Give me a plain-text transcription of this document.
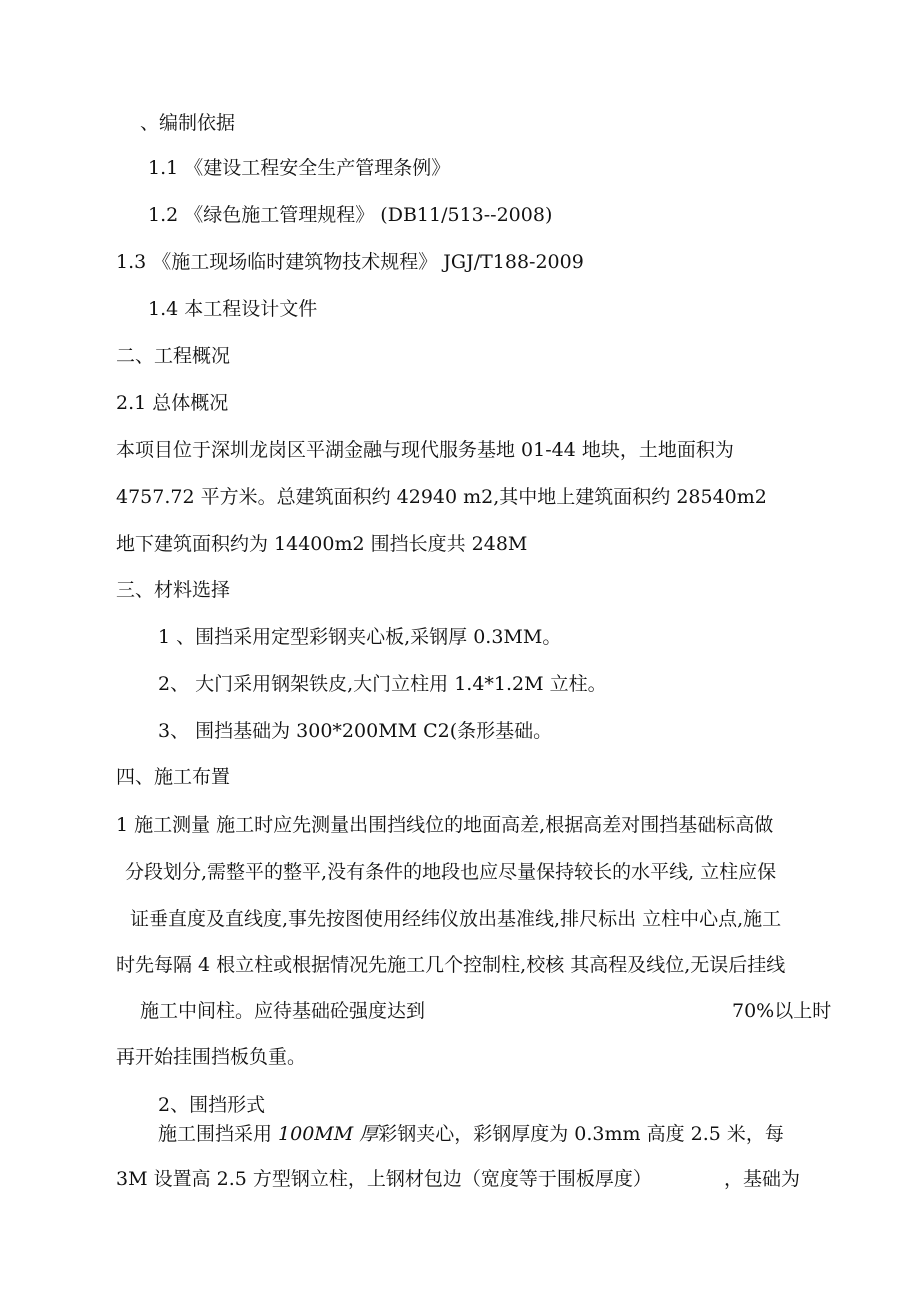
、编制依据
1.1 《建设工程安全生产管理条例》
1.2 《绿色施工管理规程》 (DB11/513--2008)
1.3 《施工现场临时建筑物技术规程》 JGJ/T188-2009
1.4 本工程设计文件
二、工程概况
2.1 总体概况
本项目位于深圳龙岗区平湖金融与现代服务基地 01-44 地块，土地面积为
4757.72 平方米。总建筑面积约 42940 m2,其中地上建筑面积约 28540m2
地下建筑面积约为 14400m2 围挡长度共 248M
三、材料选择
1 、围挡采用定型彩钢夹心板,采钢厚 0.3MM。
2、 大门采用钢架铁皮,大门立柱用 1.4*1.2M 立柱。
3、 围挡基础为 300*200MM C2(条形基础。
四、施工布置
1 施工测量 施工时应先测量出围挡线位的地面高差,根据高差对围挡基础标高做
分段划分,需整平的整平,没有条件的地段也应尽量保持较长的水平线, 立柱应保
证垂直度及直线度,事先按图使用经纬仪放出基准线,排尺标出 立柱中心点,施工
时先每隔 4 根立柱或根据情况先施工几个控制柱,校核 其高程及线位,无误后挂线
施工中间柱。应待基础砼强度达到	70%以上时
再开始挂围挡板负重。
2、围挡形式
施工围挡采用 100MM 厚彩钢夹心，彩钢厚度为 0.3mm 高度 2.5 米，每
3M 设置高 2.5 方型钢立柱，上钢材包边（宽度等于围板厚度）	，基础为
